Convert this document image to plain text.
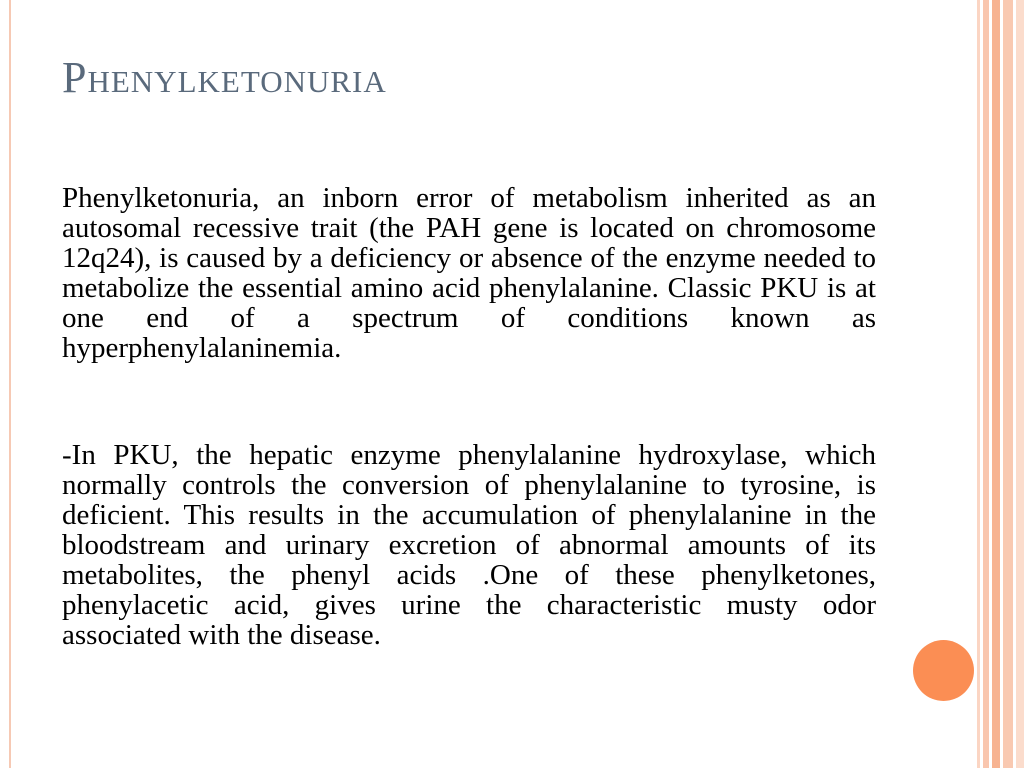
Phenylketonuria

Phenylketonuria, an inborn error of metabolism inherited as an autosomal recessive trait (the PAH gene is located on chromosome 12q24), is caused by a deficiency or absence of the enzyme needed to metabolize the essential amino acid phenylalanine. Classic PKU is at one end of a spectrum of conditions known as hyperphenylalaninemia.

-In PKU, the hepatic enzyme phenylalanine hydroxylase, which normally controls the conversion of phenylalanine to tyrosine, is deficient. This results in the accumulation of phenylalanine in the bloodstream and urinary excretion of abnormal amounts of its metabolites, the phenyl acids .One of these phenylketones, phenylacetic acid, gives urine the characteristic musty odor associated with the disease.
